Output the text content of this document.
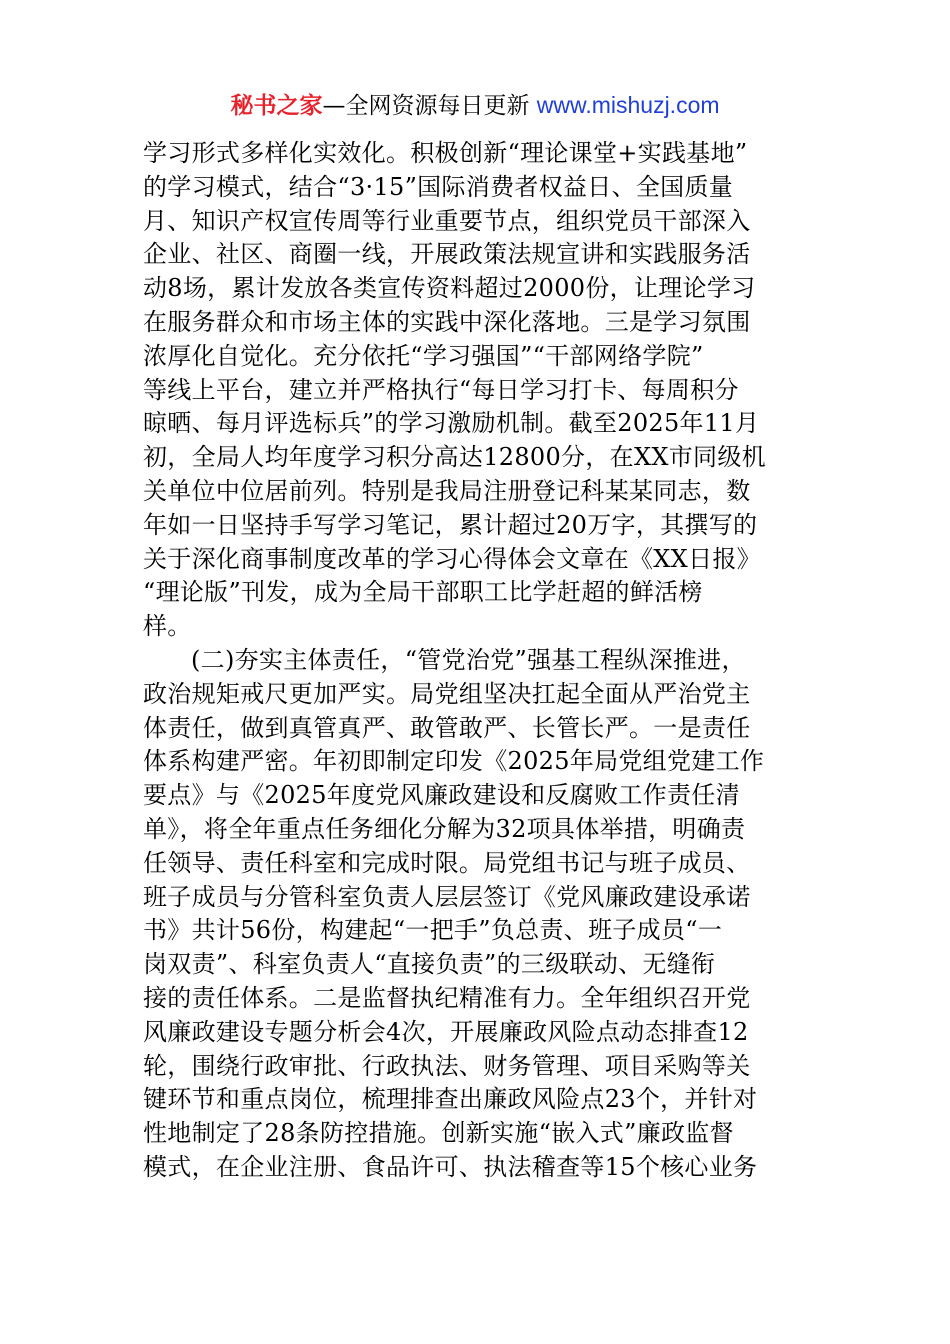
秘书之家—全网资源每日更新 www.mishuzj.com
学习形式多样化实效化。积极创新“理论课堂+实践基地”
的学习模式，结合“3·15”国际消费者权益日、全国质量
月、知识产权宣传周等行业重要节点，组织党员干部深入
企业、社区、商圈一线，开展政策法规宣讲和实践服务活
动8场，累计发放各类宣传资料超过2000份，让理论学习
在服务群众和市场主体的实践中深化落地。三是学习氛围
浓厚化自觉化。充分依托“学习强国”“干部网络学院”
等线上平台，建立并严格执行“每日学习打卡、每周积分
晾晒、每月评选标兵”的学习激励机制。截至2025年11月
初，全局人均年度学习积分高达12800分，在XX市同级机
关单位中位居前列。特别是我局注册登记科某某同志，数
年如一日坚持手写学习笔记，累计超过20万字，其撰写的
关于深化商事制度改革的学习心得体会文章在《XX日报》
“理论版”刊发，成为全局干部职工比学赶超的鲜活榜
样。
(二)夯实主体责任，“管党治党”强基工程纵深推进，
政治规矩戒尺更加严实。局党组坚决扛起全面从严治党主
体责任，做到真管真严、敢管敢严、长管长严。一是责任
体系构建严密。年初即制定印发《2025年局党组党建工作
要点》与《2025年度党风廉政建设和反腐败工作责任清
单》，将全年重点任务细化分解为32项具体举措，明确责
任领导、责任科室和完成时限。局党组书记与班子成员、
班子成员与分管科室负责人层层签订《党风廉政建设承诺
书》共计56份，构建起“一把手”负总责、班子成员“一
岗双责”、科室负责人“直接负责”的三级联动、无缝衔
接的责任体系。二是监督执纪精准有力。全年组织召开党
风廉政建设专题分析会4次，开展廉政风险点动态排查12
轮，围绕行政审批、行政执法、财务管理、项目采购等关
键环节和重点岗位，梳理排查出廉政风险点23个，并针对
性地制定了28条防控措施。创新实施“嵌入式”廉政监督
模式，在企业注册、食品许可、执法稽查等15个核心业务
